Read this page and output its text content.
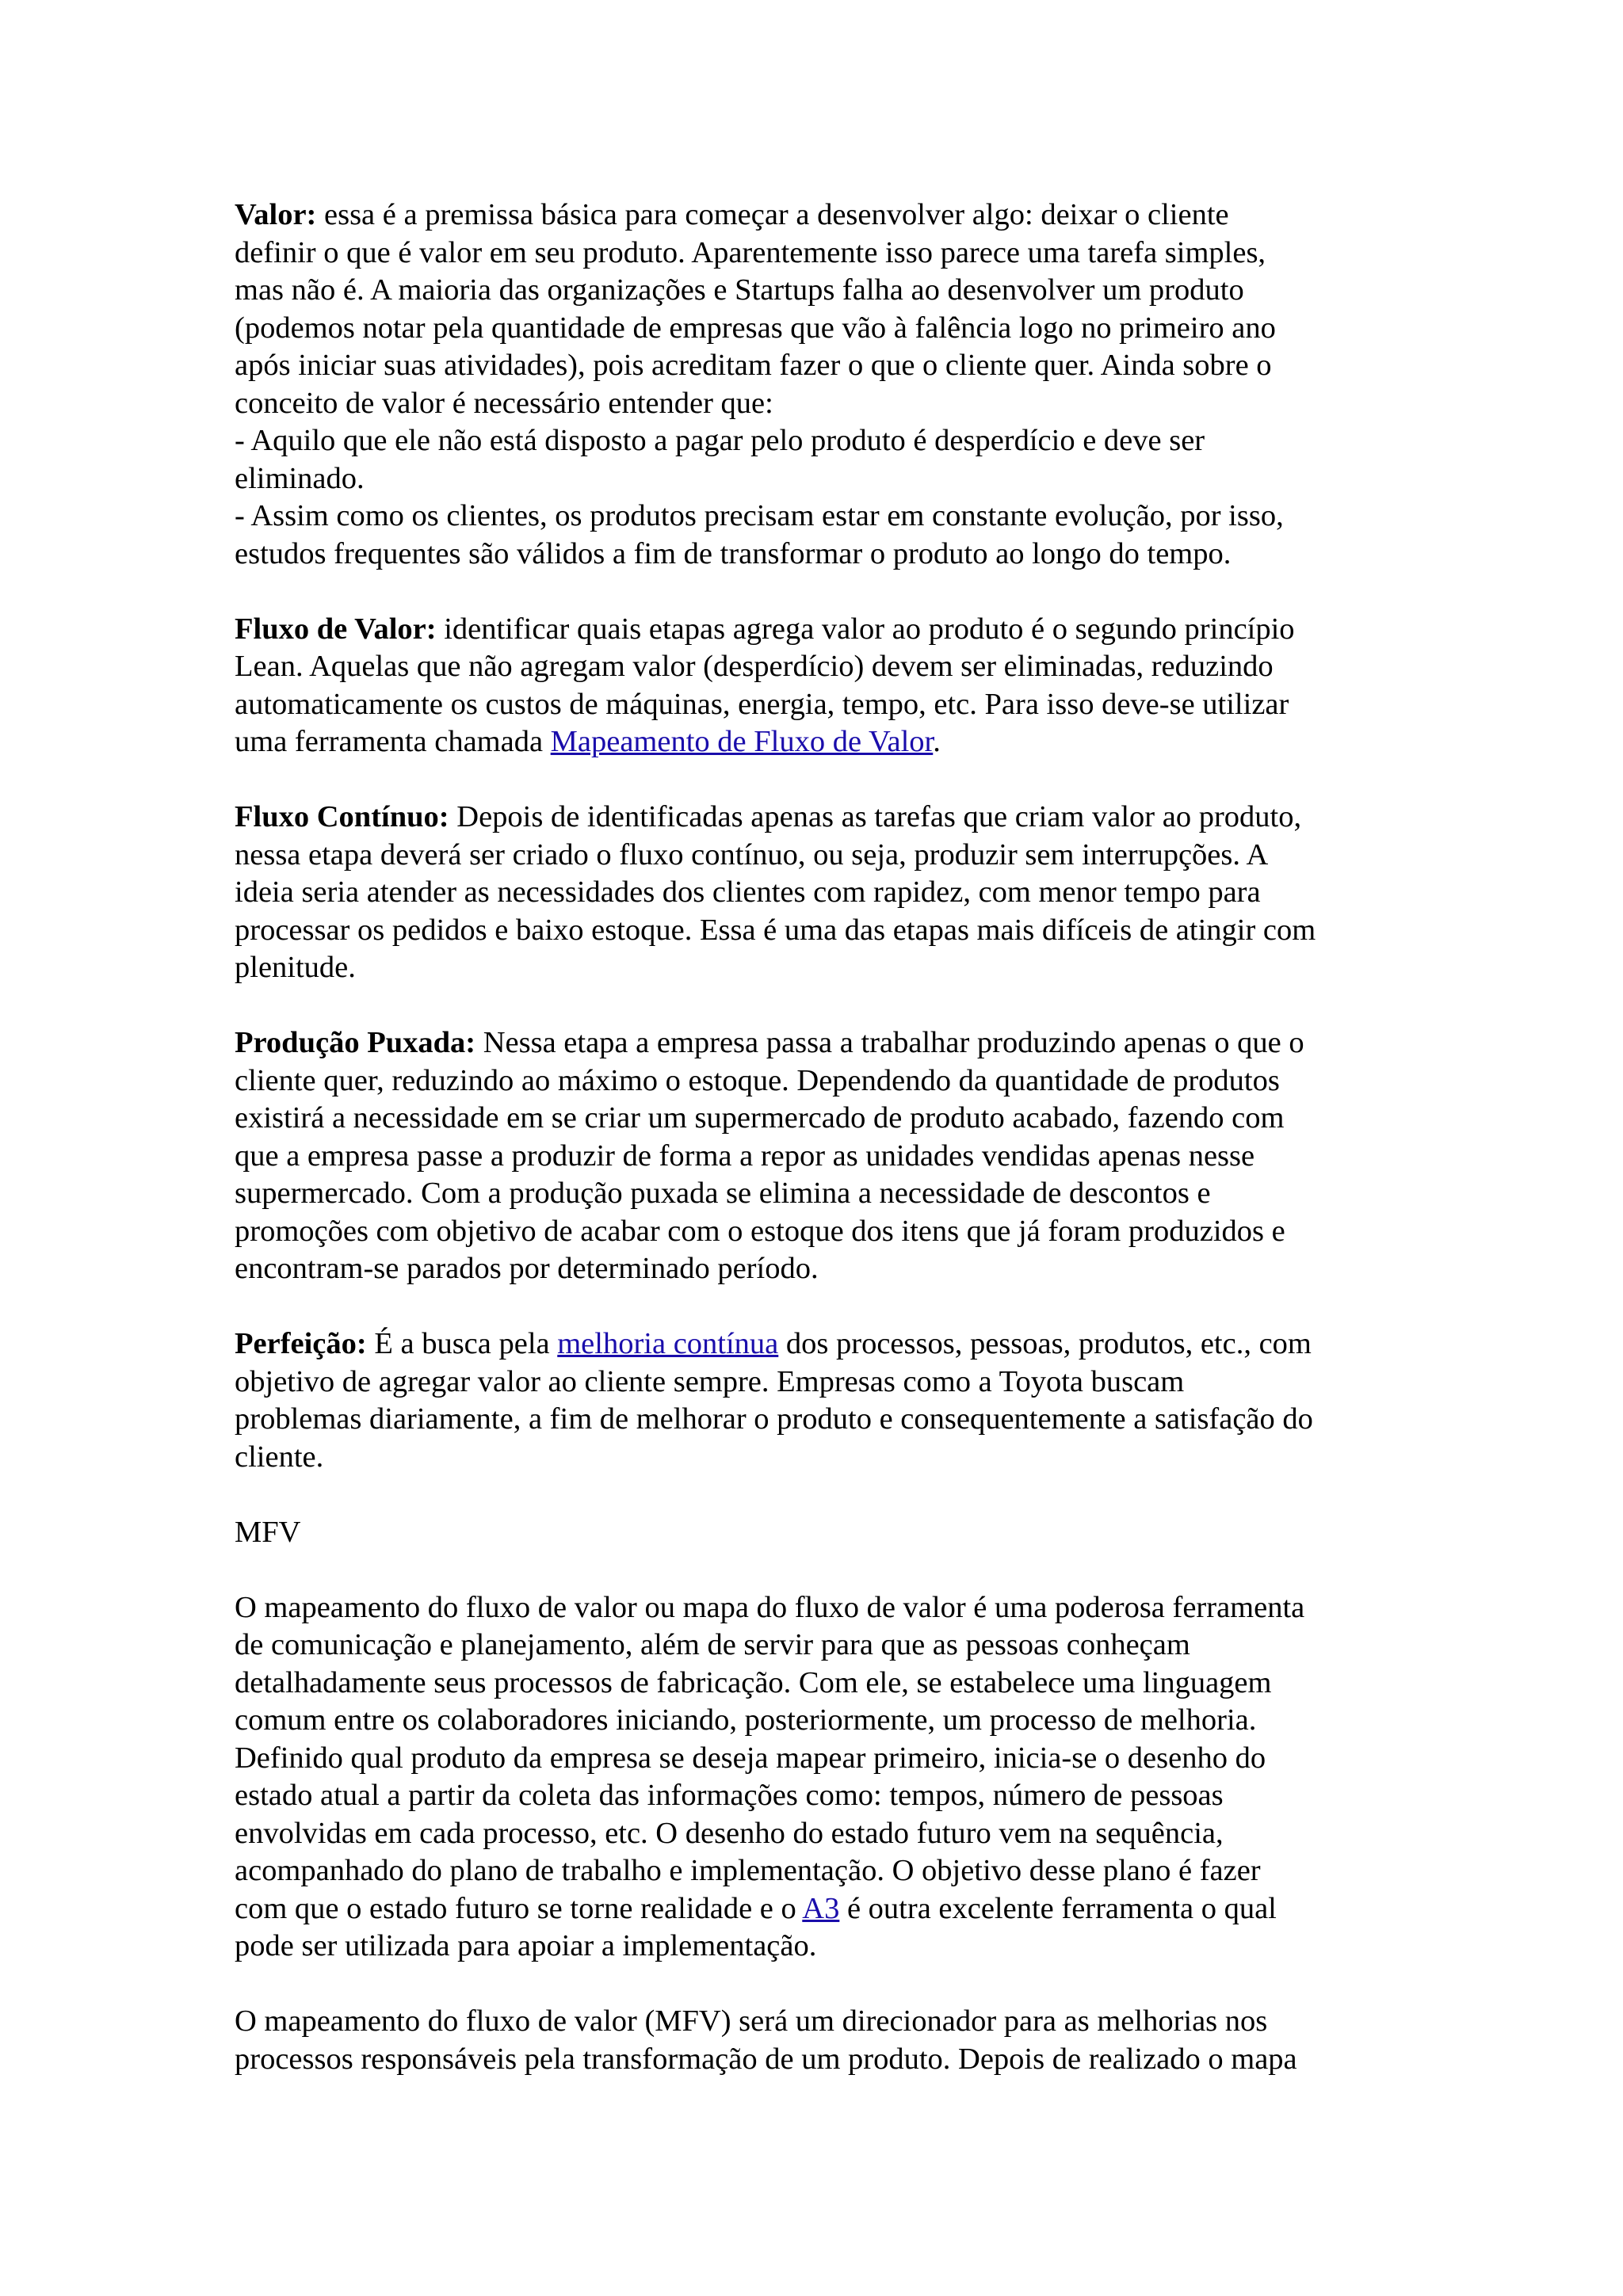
Valor: essa é a premissa básica para começar a desenvolver algo: deixar o cliente
definir o que é valor em seu produto. Aparentemente isso parece uma tarefa simples,
mas não é. A maioria das organizações e Startups falha ao desenvolver um produto
(podemos notar pela quantidade de empresas que vão à falência logo no primeiro ano
após iniciar suas atividades), pois acreditam fazer o que o cliente quer. Ainda sobre o
conceito de valor é necessário entender que:
- Aquilo que ele não está disposto a pagar pelo produto é desperdício e deve ser
eliminado.
- Assim como os clientes, os produtos precisam estar em constante evolução, por isso,
estudos frequentes são válidos a fim de transformar o produto ao longo do tempo.
Fluxo de Valor: identificar quais etapas agrega valor ao produto é o segundo princípio
Lean. Aquelas que não agregam valor (desperdício) devem ser eliminadas, reduzindo
automaticamente os custos de máquinas, energia, tempo, etc. Para isso deve-se utilizar
uma ferramenta chamada Mapeamento de Fluxo de Valor.
Fluxo Contínuo: Depois de identificadas apenas as tarefas que criam valor ao produto,
nessa etapa deverá ser criado o fluxo contínuo, ou seja, produzir sem interrupções. A
ideia seria atender as necessidades dos clientes com rapidez, com menor tempo para
processar os pedidos e baixo estoque. Essa é uma das etapas mais difíceis de atingir com
plenitude.
Produção Puxada: Nessa etapa a empresa passa a trabalhar produzindo apenas o que o
cliente quer, reduzindo ao máximo o estoque. Dependendo da quantidade de produtos
existirá a necessidade em se criar um supermercado de produto acabado, fazendo com
que a empresa passe a produzir de forma a repor as unidades vendidas apenas nesse
supermercado. Com a produção puxada se elimina a necessidade de descontos e
promoções com objetivo de acabar com o estoque dos itens que já foram produzidos e
encontram-se parados por determinado período.
Perfeição: É a busca pela melhoria contínua dos processos, pessoas, produtos, etc., com
objetivo de agregar valor ao cliente sempre. Empresas como a Toyota buscam
problemas diariamente, a fim de melhorar o produto e consequentemente a satisfação do
cliente.
MFV
O mapeamento do fluxo de valor ou mapa do fluxo de valor é uma poderosa ferramenta
de comunicação e planejamento, além de servir para que as pessoas conheçam
detalhadamente seus processos de fabricação. Com ele, se estabelece uma linguagem
comum entre os colaboradores iniciando, posteriormente, um processo de melhoria.
Definido qual produto da empresa se deseja mapear primeiro, inicia-se o desenho do
estado atual a partir da coleta das informações como: tempos, número de pessoas
envolvidas em cada processo, etc. O desenho do estado futuro vem na sequência,
acompanhado do plano de trabalho e implementação. O objetivo desse plano é fazer
com que o estado futuro se torne realidade e o A3 é outra excelente ferramenta o qual
pode ser utilizada para apoiar a implementação.
O mapeamento do fluxo de valor (MFV) será um direcionador para as melhorias nos
processos responsáveis pela transformação de um produto. Depois de realizado o mapa
